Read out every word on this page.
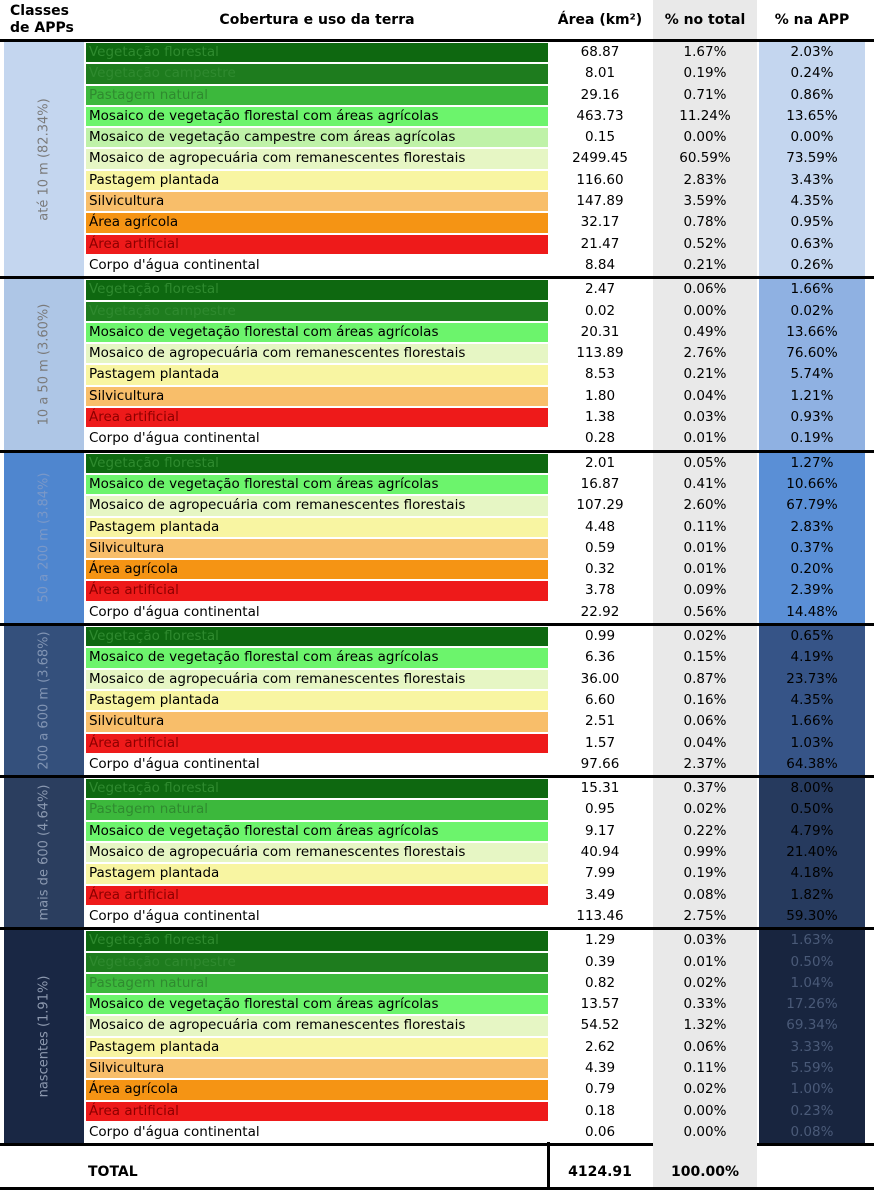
Classes de APPs	Cobertura e uso da terra	Área (km²)	% no total	% na APP
até 10 m (82.34%)
Vegetação florestal	68.87	1.67%	2.03%
Vegetação campestre	8.01	0.19%	0.24%
Pastagem natural	29.16	0.71%	0.86%
Mosaico de vegetação florestal com áreas agrícolas	463.73	11.24%	13.65%
Mosaico de vegetação campestre com áreas agrícolas	0.15	0.00%	0.00%
Mosaico de agropecuária com remanescentes florestais	2499.45	60.59%	73.59%
Pastagem plantada	116.60	2.83%	3.43%
Silvicultura	147.89	3.59%	4.35%
Área agrícola	32.17	0.78%	0.95%
Área artificial	21.47	0.52%	0.63%
Corpo d'água continental	8.84	0.21%	0.26%
10 a 50 m (3.60%)
Vegetação florestal	2.47	0.06%	1.66%
Vegetação campestre	0.02	0.00%	0.02%
Mosaico de vegetação florestal com áreas agrícolas	20.31	0.49%	13.66%
Mosaico de agropecuária com remanescentes florestais	113.89	2.76%	76.60%
Pastagem plantada	8.53	0.21%	5.74%
Silvicultura	1.80	0.04%	1.21%
Área artificial	1.38	0.03%	0.93%
Corpo d'água continental	0.28	0.01%	0.19%
50 a 200 m (3.84%)
Vegetação florestal	2.01	0.05%	1.27%
Mosaico de vegetação florestal com áreas agrícolas	16.87	0.41%	10.66%
Mosaico de agropecuária com remanescentes florestais	107.29	2.60%	67.79%
Pastagem plantada	4.48	0.11%	2.83%
Silvicultura	0.59	0.01%	0.37%
Área agrícola	0.32	0.01%	0.20%
Área artificial	3.78	0.09%	2.39%
Corpo d'água continental	22.92	0.56%	14.48%
200 a 600 m (3.68%)	Vegetação florestal	0.99	0.02%	0.65%
Mosaico de vegetação florestal com áreas agrícolas	6.36	0.15%	4.19%
Mosaico de agropecuária com remanescentes florestais	36.00	0.87%	23.73%
Pastagem plantada	6.60	0.16%	4.35%
Silvicultura	2.51	0.06%	1.66%
Área artificial	1.57	0.04%	1.03%
Corpo d'água continental	97.66	2.37%	64.38%
mais de 600 (4.64%)	Vegetação florestal	15.31	0.37%	8.00%
Pastagem natural	0.95	0.02%	0.50%
Mosaico de vegetação florestal com áreas agrícolas	9.17	0.22%	4.79%
Mosaico de agropecuária com remanescentes florestais	40.94	0.99%	21.40%
Pastagem plantada	7.99	0.19%	4.18%
Área artificial	3.49	0.08%	1.82%
Corpo d'água continental	113.46	2.75%	59.30%
nascentes (1.91%)
Vegetação florestal	1.29	0.03%	1.63%
Vegetação campestre	0.39	0.01%	0.50%
Pastagem natural	0.82	0.02%	1.04%
Mosaico de vegetação florestal com áreas agrícolas	13.57	0.33%	17.26%
Mosaico de agropecuária com remanescentes florestais	54.52	1.32%	69.34%
Pastagem plantada	2.62	0.06%	3.33%
Silvicultura	4.39	0.11%	5.59%
Área agrícola	0.79	0.02%	1.00%
Área artificial	0.18	0.00%	0.23%
Corpo d'água continental	0.06	0.00%	0.08%
TOTAL	4124.91	100.00%
